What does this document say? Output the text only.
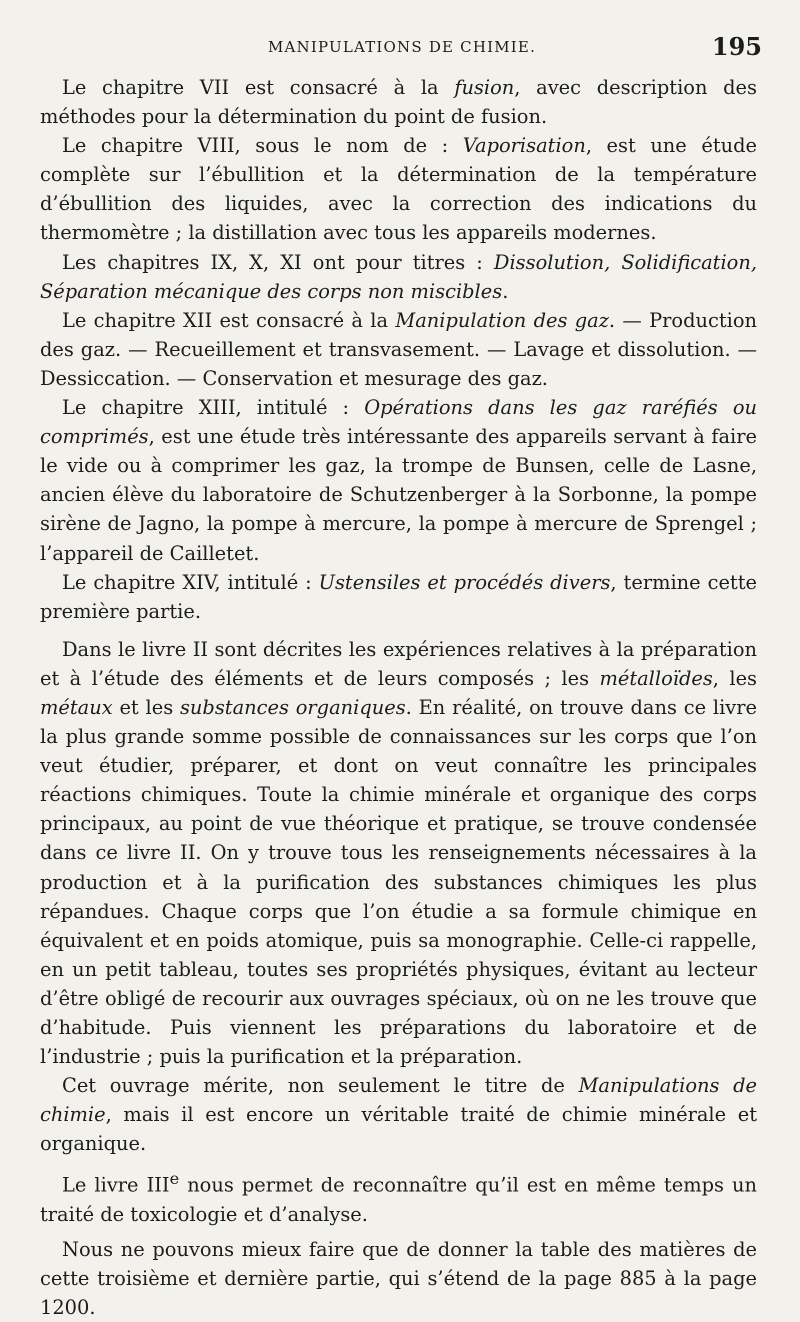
MANIPULATIONS DE CHIMIE.	195

Le chapitre VII est consacré à la fusion, avec description des méthodes pour la détermination du point de fusion.

Le chapitre VIII, sous le nom de : Vaporisation, est une étude complète sur l’ébullition et la détermination de la température d’ébullition des liquides, avec la correction des indications du thermomètre ; la distillation avec tous les appareils modernes.

Les chapitres IX, X, XI ont pour titres : Dissolution, Solidification, Séparation mécanique des corps non miscibles.

Le chapitre XII est consacré à la Manipulation des gaz. — Production des gaz. — Recueillement et transvasement. — Lavage et dissolution. — Dessiccation. — Conservation et mesurage des gaz.

Le chapitre XIII, intitulé : Opérations dans les gaz raréfiés ou comprimés, est une étude très intéressante des appareils servant à faire le vide ou à comprimer les gaz, la trompe de Bunsen, celle de Lasne, ancien élève du laboratoire de Schutzenberger à la Sorbonne, la pompe sirène de Jagno, la pompe à mercure, la pompe à mercure de Sprengel ; l’appareil de Cailletet.

Le chapitre XIV, intitulé : Ustensiles et procédés divers, termine cette première partie.

Dans le livre II sont décrites les expériences relatives à la préparation et à l’étude des éléments et de leurs composés ; les métalloïdes, les métaux et les substances organiques. En réalité, on trouve dans ce livre la plus grande somme possible de connaissances sur les corps que l’on veut étudier, préparer, et dont on veut connaître les principales réactions chimiques. Toute la chimie minérale et organique des corps principaux, au point de vue théorique et pratique, se trouve condensée dans ce livre II. On y trouve tous les renseignements nécessaires à la production et à la purification des substances chimiques les plus répandues. Chaque corps que l’on étudie a sa formule chimique en équivalent et en poids atomique, puis sa monographie. Celle-ci rappelle, en un petit tableau, toutes ses propriétés physiques, évitant au lecteur d’être obligé de recourir aux ouvrages spéciaux, où on ne les trouve que d’habitude. Puis viennent les préparations du laboratoire et de l’industrie ; puis la purification et la préparation.

Cet ouvrage mérite, non seulement le titre de Manipulations de chimie, mais il est encore un véritable traité de chimie minérale et organique.

Le livre IIIe nous permet de reconnaître qu’il est en même temps un traité de toxicologie et d’analyse.

Nous ne pouvons mieux faire que de donner la table des matières de cette troisième et dernière partie, qui s’étend de la page 885 à la page 1200.
